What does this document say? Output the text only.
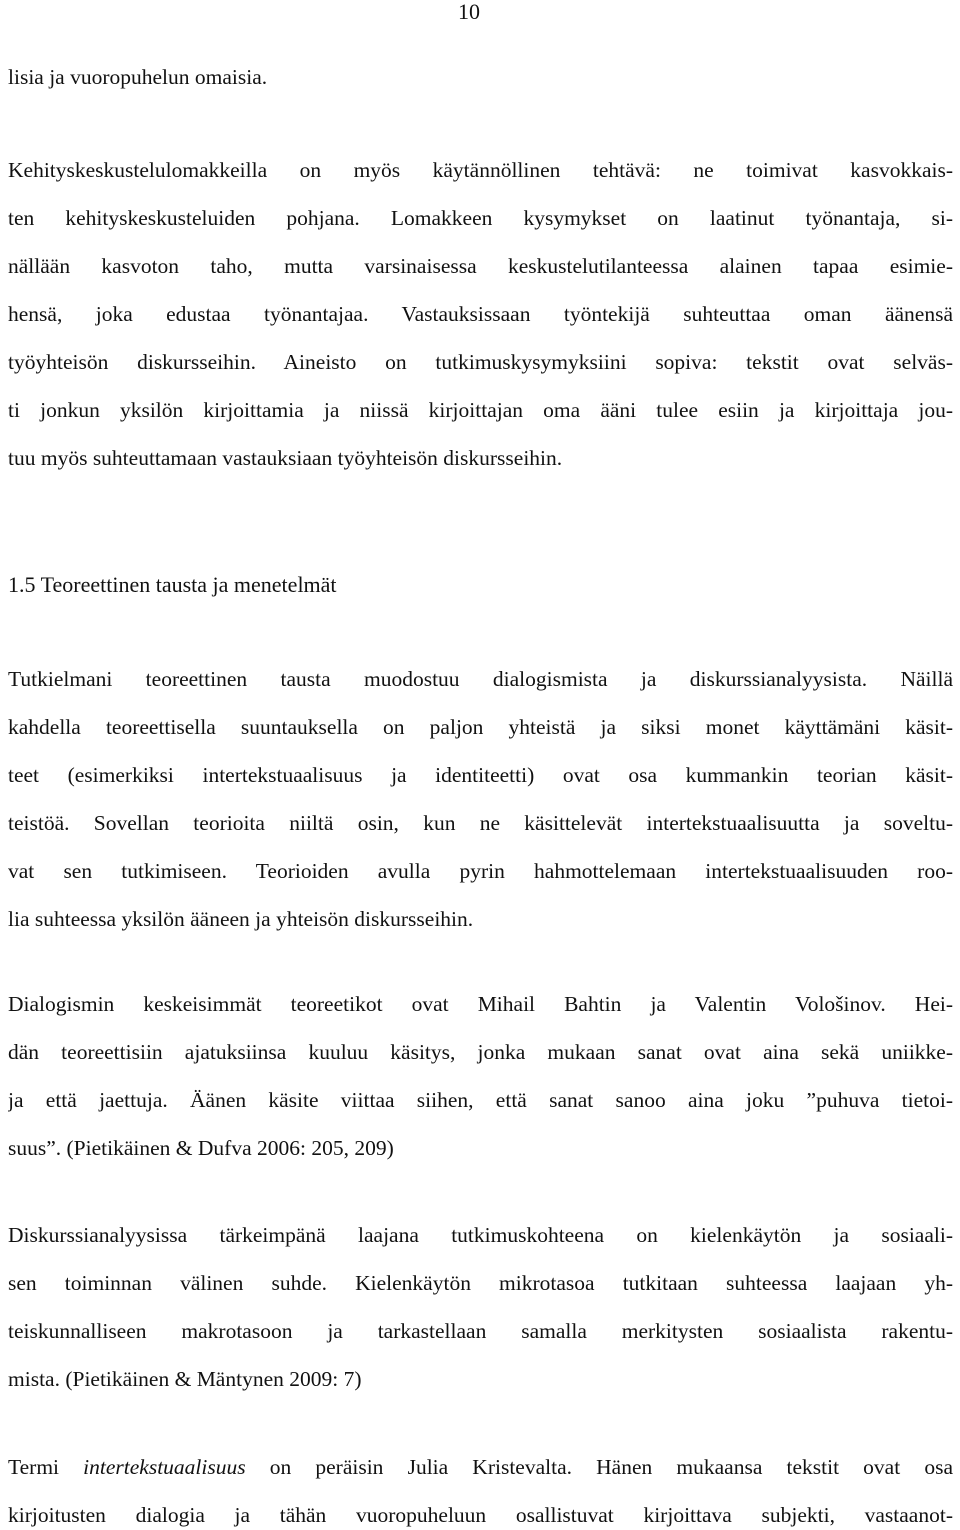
10
lisia ja vuoropuhelun omaisia.
Kehityskeskustelulomakkeilla on myös käytännöllinen tehtävä: ne toimivat kasvokkais-
ten kehityskeskusteluiden pohjana. Lomakkeen kysymykset on laatinut työnantaja, si-
nällään kasvoton taho, mutta varsinaisessa keskustelutilanteessa alainen tapaa esimie-
hensä, joka edustaa työnantajaa. Vastauksissaan työntekijä suhteuttaa oman äänensä
työyhteisön diskursseihin. Aineisto on tutkimuskysymyksiini sopiva: tekstit ovat selväs-
ti jonkun yksilön kirjoittamia ja niissä kirjoittajan oma ääni tulee esiin ja kirjoittaja jou-
tuu myös suhteuttamaan vastauksiaan työyhteisön diskursseihin.
Tutkielmani teoreettinen tausta muodostuu dialogismista ja diskurssianalyysista. Näillä
kahdella teoreettisella suuntauksella on paljon yhteistä ja siksi monet käyttämäni käsit-
teet (esimerkiksi intertekstuaalisuus ja identiteetti) ovat osa kummankin teorian käsit-
teistöä. Sovellan teorioita niiltä osin, kun ne käsittelevät intertekstuaalisuutta ja soveltu-
vat sen tutkimiseen. Teorioiden avulla pyrin hahmottelemaan intertekstuaalisuuden roo-
lia suhteessa yksilön ääneen ja yhteisön diskursseihin.
Dialogismin keskeisimmät teoreetikot ovat Mihail Bahtin ja Valentin Vološinov. Hei-
dän teoreettisiin ajatuksiinsa kuuluu käsitys, jonka mukaan sanat ovat aina sekä uniikke-
ja että jaettuja. Äänen käsite viittaa siihen, että sanat sanoo aina joku ”puhuva tietoi-
suus”. (Pietikäinen & Dufva 2006: 205, 209)
Diskurssianalyysissa tärkeimpänä laajana tutkimuskohteena on kielenkäytön ja sosiaali-
sen toiminnan välinen suhde. Kielenkäytön mikrotasoa tutkitaan suhteessa laajaan yh-
teiskunnalliseen makrotasoon ja tarkastellaan samalla merkitysten sosiaalista rakentu-
mista. (Pietikäinen & Mäntynen 2009: 7)
1.5 Teoreettinen tausta ja menetelmät
Termi intertekstuaalisuus on peräisin Julia Kristevalta. Hänen mukaansa tekstit ovat osa
kirjoitusten dialogia ja tähän vuoropuheluun osallistuvat kirjoittava subjekti, vastaanot-
